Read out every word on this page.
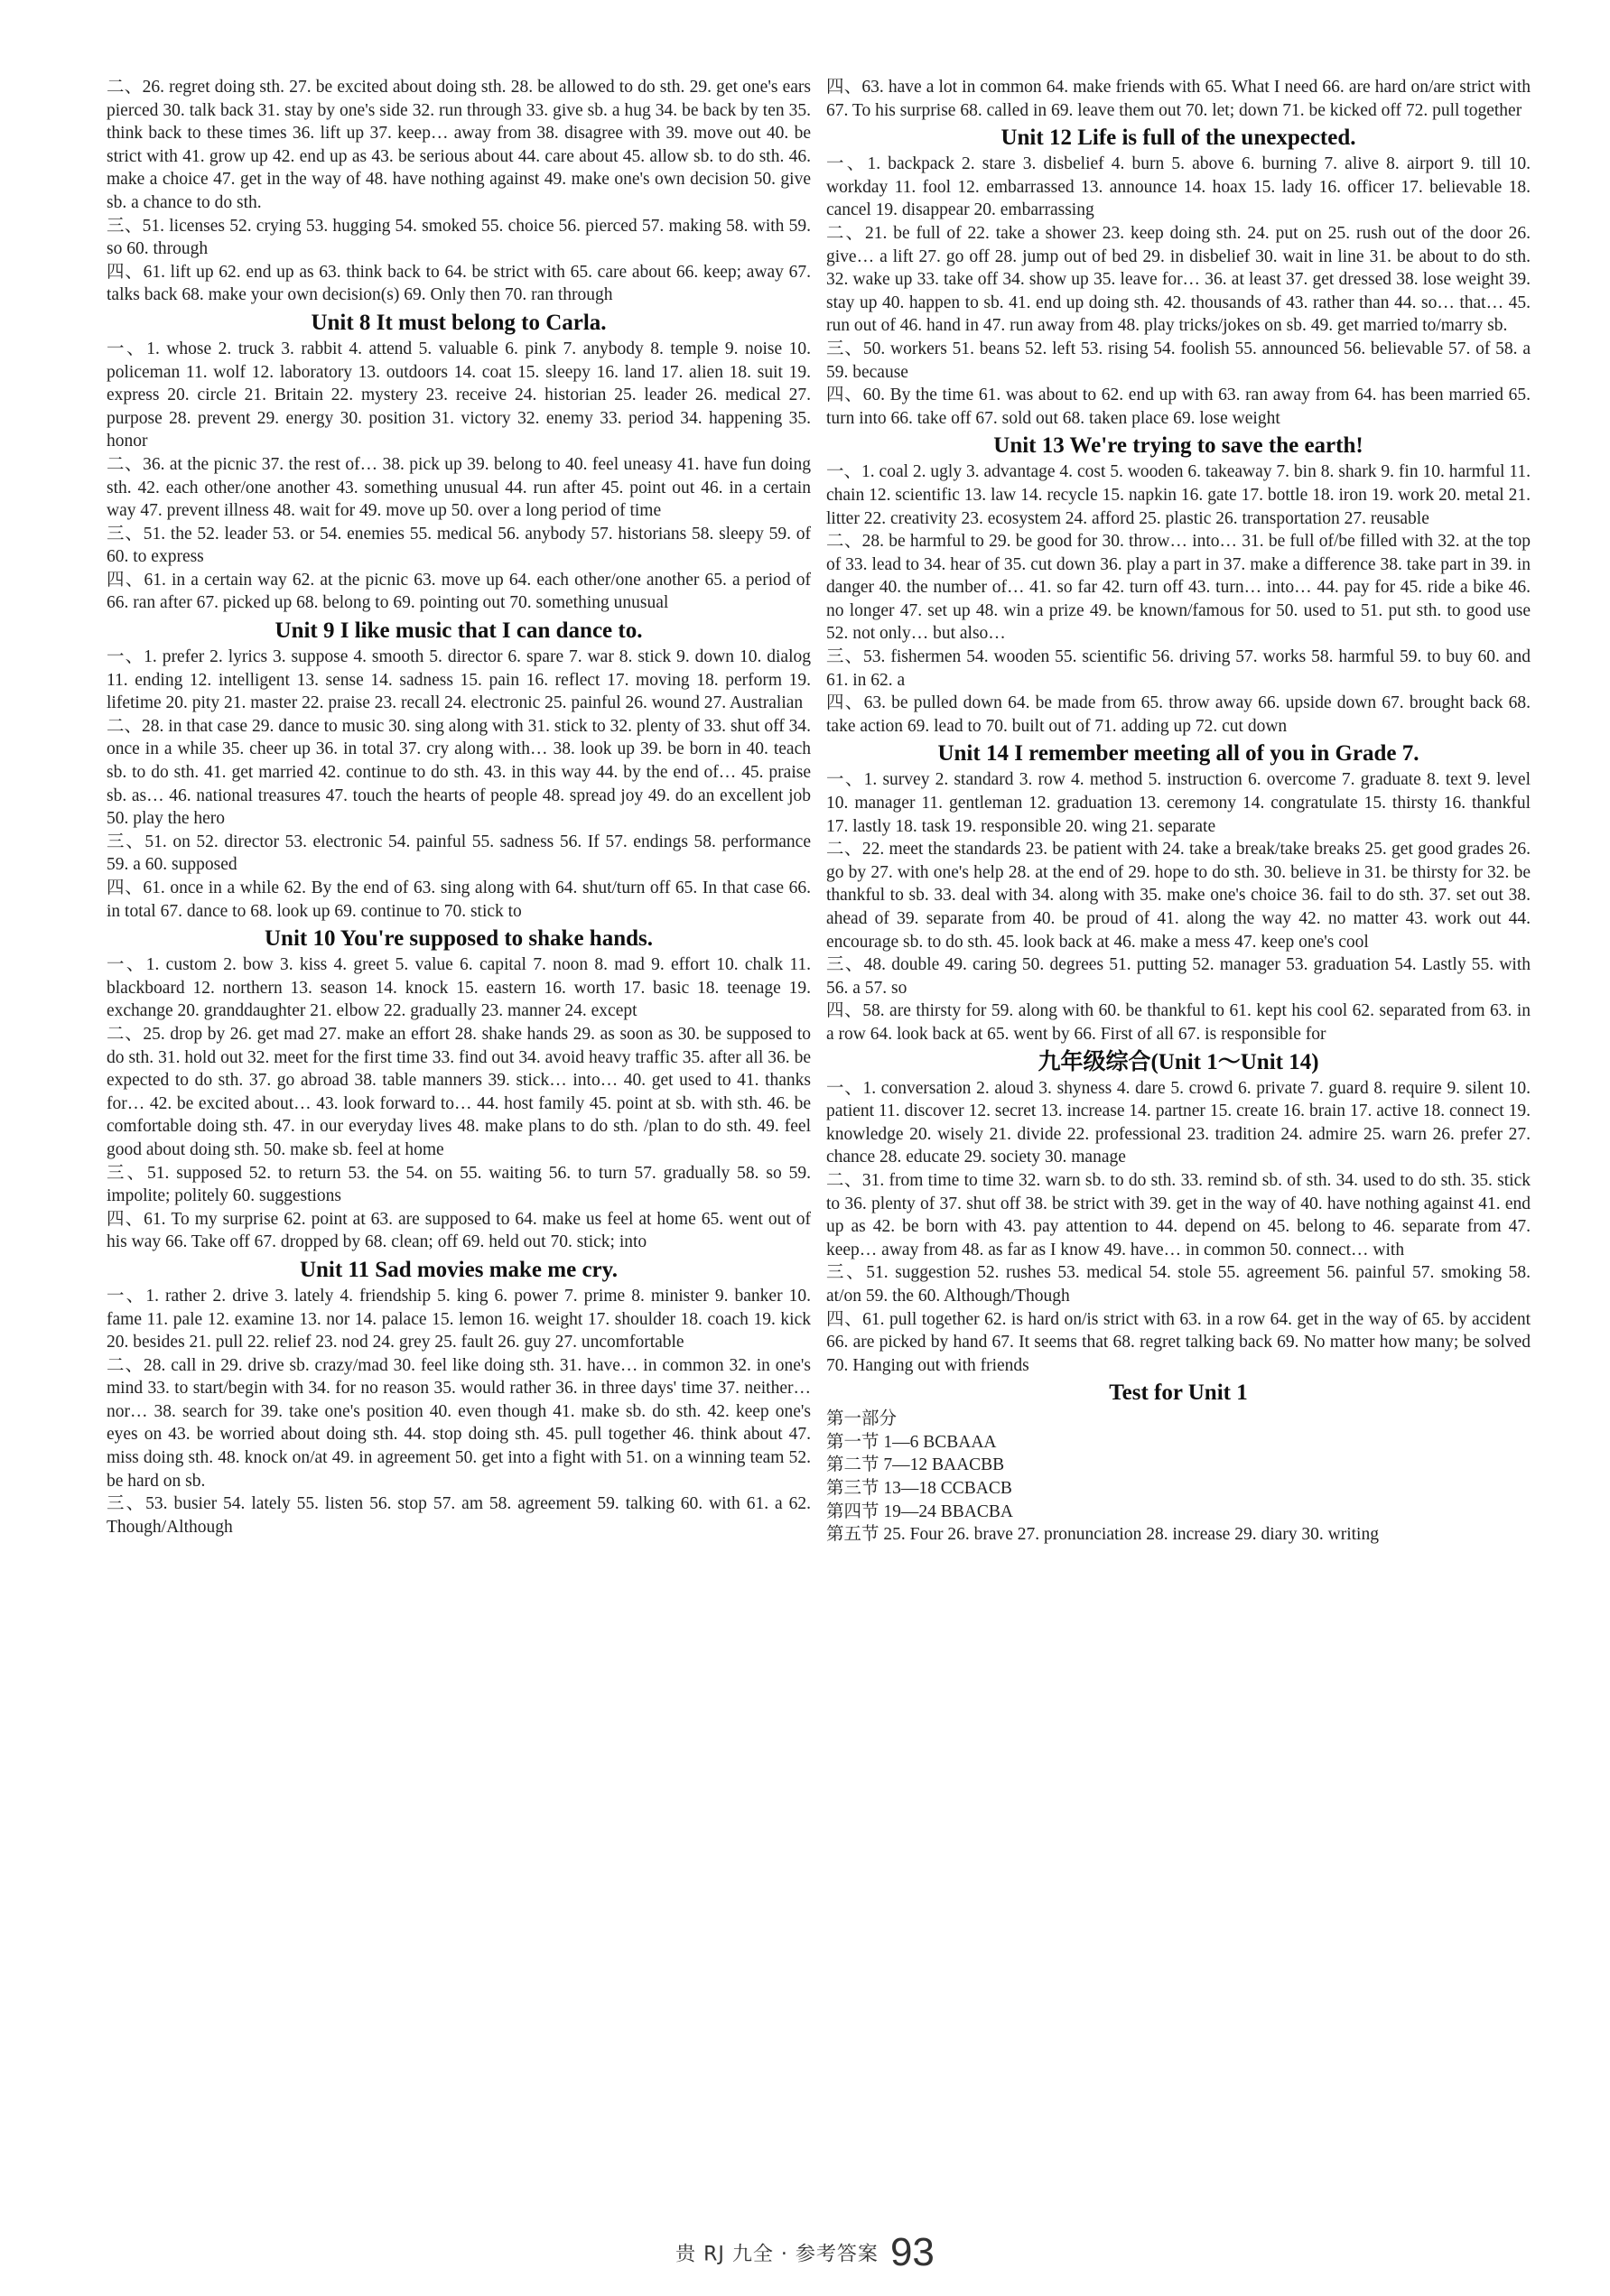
二、26. regret doing sth. 27. be excited about doing sth. 28. be allowed to do sth. 29. get one's ears pierced 30. talk back 31. stay by one's side 32. run through 33. give sb. a hug 34. be back by ten 35. think back to these times 36. lift up 37. keep… away from 38. disagree with 39. move out 40. be strict with 41. grow up 42. end up as 43. be serious about 44. care about 45. allow sb. to do sth. 46. make a choice 47. get in the way of 48. have nothing against 49. make one's own decision 50. give sb. a chance to do sth.
三、51. licenses 52. crying 53. hugging 54. smoked 55. choice 56. pierced 57. making 58. with 59. so 60. through
四、61. lift up 62. end up as 63. think back to 64. be strict with 65. care about 66. keep; away 67. talks back 68. make your own decision(s) 69. Only then 70. ran through
Unit 8 It must belong to Carla.
一、1. whose 2. truck 3. rabbit 4. attend 5. valuable 6. pink 7. anybody 8. temple 9. noise 10. policeman 11. wolf 12. laboratory 13. outdoors 14. coat 15. sleepy 16. land 17. alien 18. suit 19. express 20. circle 21. Britain 22. mystery 23. receive 24. historian 25. leader 26. medical 27. purpose 28. prevent 29. energy 30. position 31. victory 32. enemy 33. period 34. happening 35. honor
二、36. at the picnic 37. the rest of… 38. pick up 39. belong to 40. feel uneasy 41. have fun doing sth. 42. each other/one another 43. something unusual 44. run after 45. point out 46. in a certain way 47. prevent illness 48. wait for 49. move up 50. over a long period of time
三、51. the 52. leader 53. or 54. enemies 55. medical 56. anybody 57. historians 58. sleepy 59. of 60. to express
四、61. in a certain way 62. at the picnic 63. move up 64. each other/one another 65. a period of 66. ran after 67. picked up 68. belong to 69. pointing out 70. something unusual
Unit 9 I like music that I can dance to.
一、1. prefer 2. lyrics 3. suppose 4. smooth 5. director 6. spare 7. war 8. stick 9. down 10. dialog 11. ending 12. intelligent 13. sense 14. sadness 15. pain 16. reflect 17. moving 18. perform 19. lifetime 20. pity 21. master 22. praise 23. recall 24. electronic 25. painful 26. wound 27. Australian
二、28. in that case 29. dance to music 30. sing along with 31. stick to 32. plenty of 33. shut off 34. once in a while 35. cheer up 36. in total 37. cry along with… 38. look up 39. be born in 40. teach sb. to do sth. 41. get married 42. continue to do sth. 43. in this way 44. by the end of… 45. praise sb. as… 46. national treasures 47. touch the hearts of people 48. spread joy 49. do an excellent job 50. play the hero
三、51. on 52. director 53. electronic 54. painful 55. sadness 56. If 57. endings 58. performance 59. a 60. supposed
四、61. once in a while 62. By the end of 63. sing along with 64. shut/turn off 65. In that case 66. in total 67. dance to 68. look up 69. continue to 70. stick to
Unit 10 You're supposed to shake hands.
一、1. custom 2. bow 3. kiss 4. greet 5. value 6. capital 7. noon 8. mad 9. effort 10. chalk 11. blackboard 12. northern 13. season 14. knock 15. eastern 16. worth 17. basic 18. teenage 19. exchange 20. granddaughter 21. elbow 22. gradually 23. manner 24. except
二、25. drop by 26. get mad 27. make an effort 28. shake hands 29. as soon as 30. be supposed to do sth. 31. hold out 32. meet for the first time 33. find out 34. avoid heavy traffic 35. after all 36. be expected to do sth. 37. go abroad 38. table manners 39. stick… into… 40. get used to 41. thanks for… 42. be excited about… 43. look forward to… 44. host family 45. point at sb. with sth. 46. be comfortable doing sth. 47. in our everyday lives 48. make plans to do sth. /plan to do sth. 49. feel good about doing sth. 50. make sb. feel at home
三、51. supposed 52. to return 53. the 54. on 55. waiting 56. to turn 57. gradually 58. so 59. impolite; politely 60. suggestions
四、61. To my surprise 62. point at 63. are supposed to 64. make us feel at home 65. went out of his way 66. Take off 67. dropped by 68. clean; off 69. held out 70. stick; into
Unit 11 Sad movies make me cry.
一、1. rather 2. drive 3. lately 4. friendship 5. king 6. power 7. prime 8. minister 9. banker 10. fame 11. pale 12. examine 13. nor 14. palace 15. lemon 16. weight 17. shoulder 18. coach 19. kick 20. besides 21. pull 22. relief 23. nod 24. grey 25. fault 26. guy 27. uncomfortable
二、28. call in 29. drive sb. crazy/mad 30. feel like doing sth. 31. have… in common 32. in one's mind 33. to start/begin with 34. for no reason 35. would rather 36. in three days' time 37. neither… nor… 38. search for 39. take one's position 40. even though 41. make sb. do sth. 42. keep one's eyes on 43. be worried about doing sth. 44. stop doing sth. 45. pull together 46. think about 47. miss doing sth. 48. knock on/at 49. in agreement 50. get into a fight with 51. on a winning team 52. be hard on sb.
三、53. busier 54. lately 55. listen 56. stop 57. am 58. agreement 59. talking 60. with 61. a 62. Though/Although
四、63. have a lot in common 64. make friends with 65. What I need 66. are hard on/are strict with 67. To his surprise 68. called in 69. leave them out 70. let; down 71. be kicked off 72. pull together
Unit 12 Life is full of the unexpected.
一、1. backpack 2. stare 3. disbelief 4. burn 5. above 6. burning 7. alive 8. airport 9. till 10. workday 11. fool 12. embarrassed 13. announce 14. hoax 15. lady 16. officer 17. believable 18. cancel 19. disappear 20. embarrassing
二、21. be full of 22. take a shower 23. keep doing sth. 24. put on 25. rush out of the door 26. give… a lift 27. go off 28. jump out of bed 29. in disbelief 30. wait in line 31. be about to do sth. 32. wake up 33. take off 34. show up 35. leave for… 36. at least 37. get dressed 38. lose weight 39. stay up 40. happen to sb. 41. end up doing sth. 42. thousands of 43. rather than 44. so… that… 45. run out of 46. hand in 47. run away from 48. play tricks/jokes on sb. 49. get married to/marry sb.
三、50. workers 51. beans 52. left 53. rising 54. foolish 55. announced 56. believable 57. of 58. a 59. because
四、60. By the time 61. was about to 62. end up with 63. ran away from 64. has been married 65. turn into 66. take off 67. sold out 68. taken place 69. lose weight
Unit 13 We're trying to save the earth!
一、1. coal 2. ugly 3. advantage 4. cost 5. wooden 6. takeaway 7. bin 8. shark 9. fin 10. harmful 11. chain 12. scientific 13. law 14. recycle 15. napkin 16. gate 17. bottle 18. iron 19. work 20. metal 21. litter 22. creativity 23. ecosystem 24. afford 25. plastic 26. transportation 27. reusable
二、28. be harmful to 29. be good for 30. throw… into… 31. be full of/be filled with 32. at the top of 33. lead to 34. hear of 35. cut down 36. play a part in 37. make a difference 38. take part in 39. in danger 40. the number of… 41. so far 42. turn off 43. turn… into… 44. pay for 45. ride a bike 46. no longer 47. set up 48. win a prize 49. be known/famous for 50. used to 51. put sth. to good use 52. not only… but also…
三、53. fishermen 54. wooden 55. scientific 56. driving 57. works 58. harmful 59. to buy 60. and 61. in 62. a
四、63. be pulled down 64. be made from 65. throw away 66. upside down 67. brought back 68. take action 69. lead to 70. built out of 71. adding up 72. cut down
Unit 14 I remember meeting all of you in Grade 7.
一、1. survey 2. standard 3. row 4. method 5. instruction 6. overcome 7. graduate 8. text 9. level 10. manager 11. gentleman 12. graduation 13. ceremony 14. congratulate 15. thirsty 16. thankful 17. lastly 18. task 19. responsible 20. wing 21. separate
二、22. meet the standards 23. be patient with 24. take a break/take breaks 25. get good grades 26. go by 27. with one's help 28. at the end of 29. hope to do sth. 30. believe in 31. be thirsty for 32. be thankful to sb. 33. deal with 34. along with 35. make one's choice 36. fail to do sth. 37. set out 38. ahead of 39. separate from 40. be proud of 41. along the way 42. no matter 43. work out 44. encourage sb. to do sth. 45. look back at 46. make a mess 47. keep one's cool
三、48. double 49. caring 50. degrees 51. putting 52. manager 53. graduation 54. Lastly 55. with 56. a 57. so
四、58. are thirsty for 59. along with 60. be thankful to 61. kept his cool 62. separated from 63. in a row 64. look back at 65. went by 66. First of all 67. is responsible for
九年级综合(Unit 1～Unit 14)
一、1. conversation 2. aloud 3. shyness 4. dare 5. crowd 6. private 7. guard 8. require 9. silent 10. patient 11. discover 12. secret 13. increase 14. partner 15. create 16. brain 17. active 18. connect 19. knowledge 20. wisely 21. divide 22. professional 23. tradition 24. admire 25. warn 26. prefer 27. chance 28. educate 29. society 30. manage
二、31. from time to time 32. warn sb. to do sth. 33. remind sb. of sth. 34. used to do sth. 35. stick to 36. plenty of 37. shut off 38. be strict with 39. get in the way of 40. have nothing against 41. end up as 42. be born with 43. pay attention to 44. depend on 45. belong to 46. separate from 47. keep… away from 48. as far as I know 49. have… in common 50. connect… with
三、51. suggestion 52. rushes 53. medical 54. stole 55. agreement 56. painful 57. smoking 58. at/on 59. the 60. Although/Though
四、61. pull together 62. is hard on/is strict with 63. in a row 64. get in the way of 65. by accident 66. are picked by hand 67. It seems that 68. regret talking back 69. No matter how many; be solved 70. Hanging out with friends
Test for Unit 1
第一部分
第一节 1—6 BCBAAA
第二节 7—12 BAACBB
第三节 13—18 CCBACB
第四节 19—24 BBACBA
第五节 25. Four 26. brave 27. pronunciation 28. increase 29. diary 30. writing
贵 RJ 九全 · 参考答案 93
